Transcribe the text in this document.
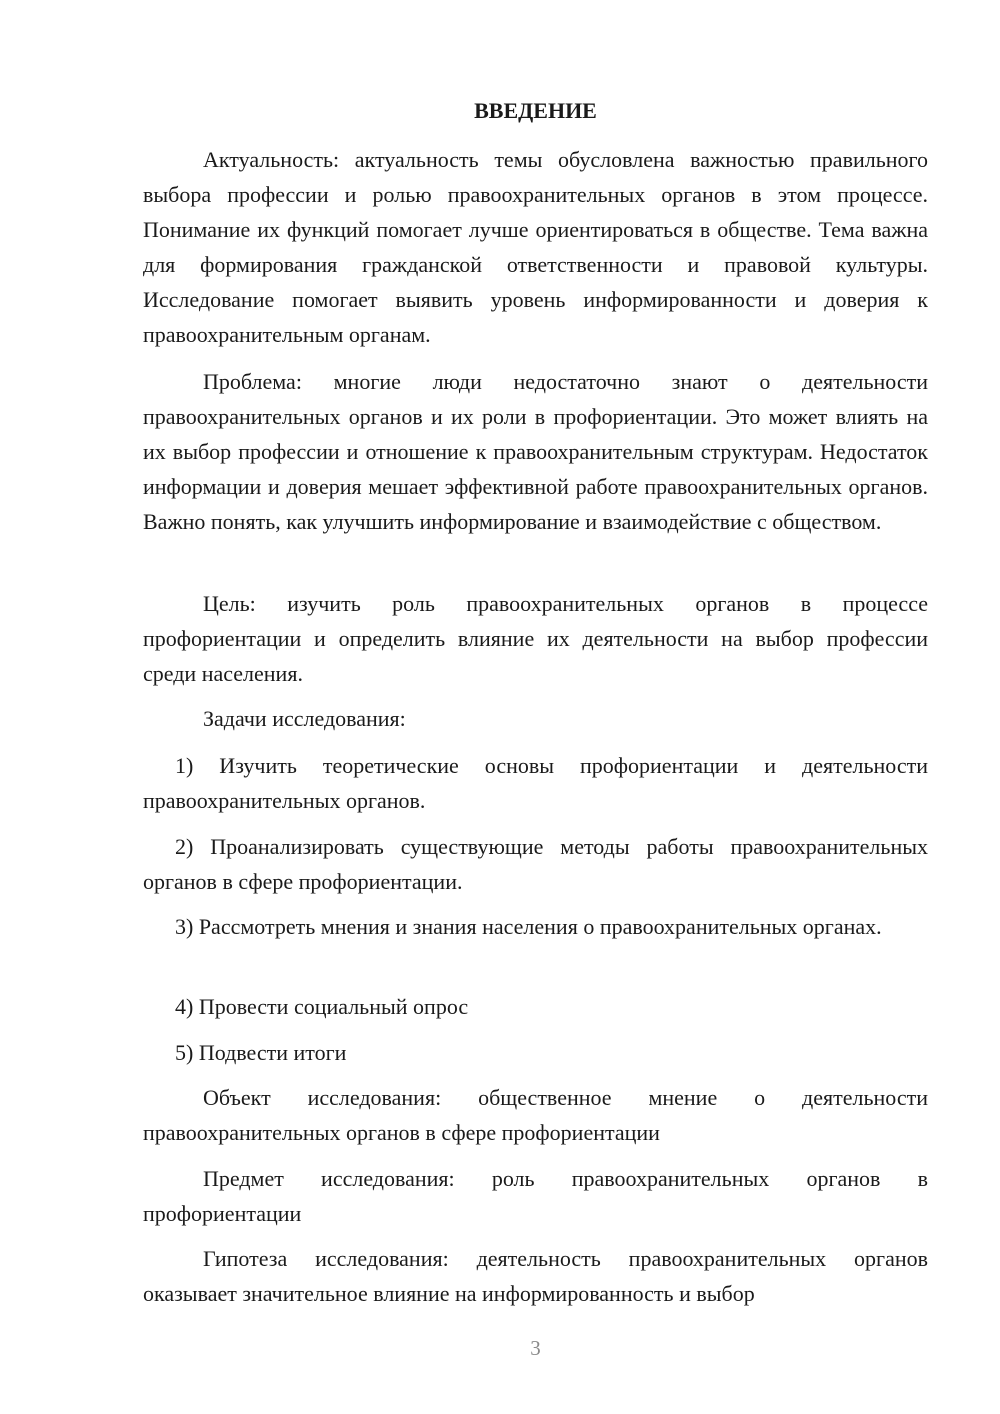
ВВЕДЕНИЕ

Актуальность: актуальность темы обусловлена важностью правильного выбора профессии и ролью правоохранительных органов в этом процессе. Понимание их функций помогает лучше ориентироваться в обществе. Тема важна для формирования гражданской ответственности и правовой культуры. Исследование помогает выявить уровень информированности и доверия к правоохранительным органам.

Проблема: многие люди недостаточно знают о деятельности правоохранительных органов и их роли в профориентации. Это может влиять на их выбор профессии и отношение к правоохранительным структурам. Недостаток информации и доверия мешает эффективной работе правоохранительных органов. Важно понять, как улучшить информирование и взаимодействие с обществом.

Цель: изучить роль правоохранительных органов в процессе профориентации и определить влияние их деятельности на выбор профессии среди населения.

Задачи исследования:

1) Изучить теоретические основы профориентации и деятельности правоохранительных органов.

2) Проанализировать существующие методы работы правоохранительных органов в сфере профориентации.

3) Рассмотреть мнения и знания населения о правоохранительных органах.

4) Провести социальный опрос

5) Подвести итоги

Объект исследования: общественное мнение о деятельности правоохранительных органов в сфере профориентации

Предмет исследования: роль правоохранительных органов в профориентации

Гипотеза исследования: деятельность правоохранительных органов оказывает значительное влияние на информированность и выбор

3
